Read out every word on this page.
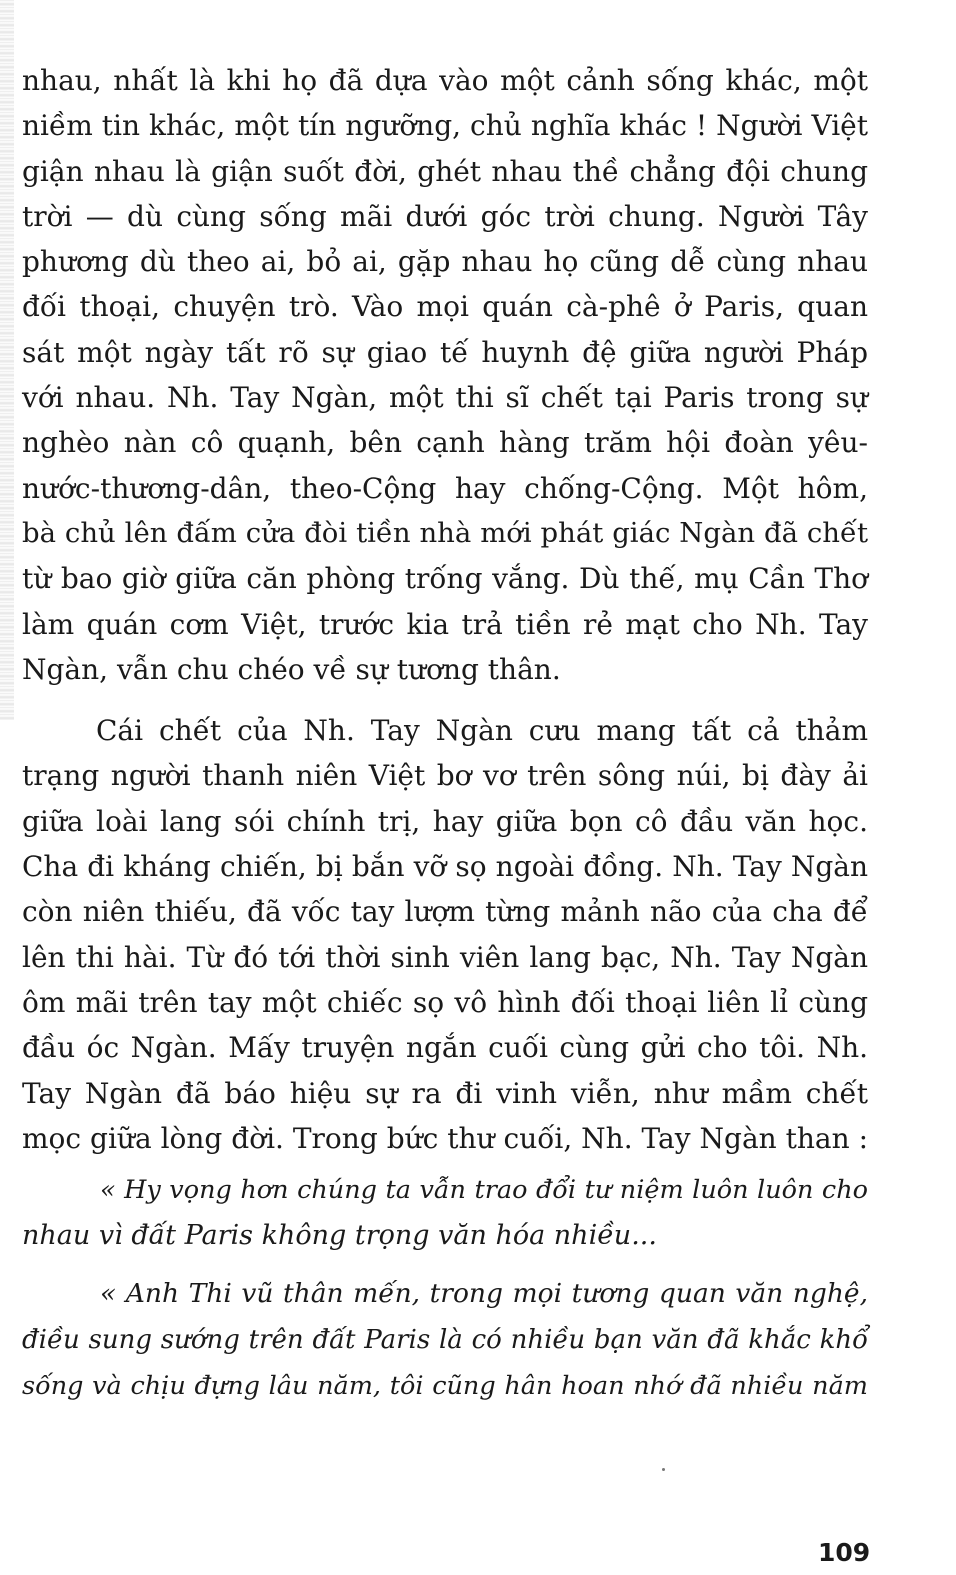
nhau, nhất là khi họ đã dựa vào một cảnh sống khác, một
niềm tin khác, một tín ngưỡng, chủ nghĩa khác ! Người Việt
giận nhau là giận suốt đời, ghét nhau thề chẳng đội chung
trời — dù cùng sống mãi dưới góc trời chung. Người Tây
phương dù theo ai, bỏ ai, gặp nhau họ cũng dễ cùng nhau
đối thoại, chuyện trò. Vào mọi quán cà-phê ở Paris, quan
sát một ngày tất rõ sự giao tế huynh đệ giữa người Pháp
với nhau. Nh. Tay Ngàn, một thi sĩ chết tại Paris trong sự
nghèo nàn cô quạnh, bên cạnh hàng trăm hội đoàn yêu-
nước-thương-dân, theo-Cộng hay chống-Cộng. Một hôm,
bà chủ lên đấm cửa đòi tiền nhà mới phát giác Ngàn đã chết
từ bao giờ giữa căn phòng trống vắng. Dù thế, mụ Cần Thơ
làm quán cơm Việt, trước kia trả tiền rẻ mạt cho Nh. Tay
Ngàn, vẫn chu chéo về sự tương thân.
Cái chết của Nh. Tay Ngàn cưu mang tất cả thảm
trạng người thanh niên Việt bơ vơ trên sông núi, bị đày ải
giữa loài lang sói chính trị, hay giữa bọn cô đầu văn học.
Cha đi kháng chiến, bị bắn vỡ sọ ngoài đồng. Nh. Tay Ngàn
còn niên thiếu, đã vốc tay lượm từng mảnh não của cha để
lên thi hài. Từ đó tới thời sinh viên lang bạc, Nh. Tay Ngàn
ôm mãi trên tay một chiếc sọ vô hình đối thoại liên lỉ cùng
đầu óc Ngàn. Mấy truyện ngắn cuối cùng gửi cho tôi. Nh.
Tay Ngàn đã báo hiệu sự ra đi vinh viễn, như mầm chết
mọc giữa lòng đời. Trong bức thư cuối, Nh. Tay Ngàn than :
« Hy vọng hơn chúng ta vẫn trao đổi tư niệm luôn luôn cho
nhau vì đất Paris không trọng văn hóa nhiều...
« Anh Thi vũ thân mến, trong mọi tương quan văn nghệ,
điều sung sướng trên đất Paris là có nhiều bạn văn đã khắc khổ
sống và chịu đựng lâu năm, tôi cũng hân hoan nhớ đã nhiều năm
109
